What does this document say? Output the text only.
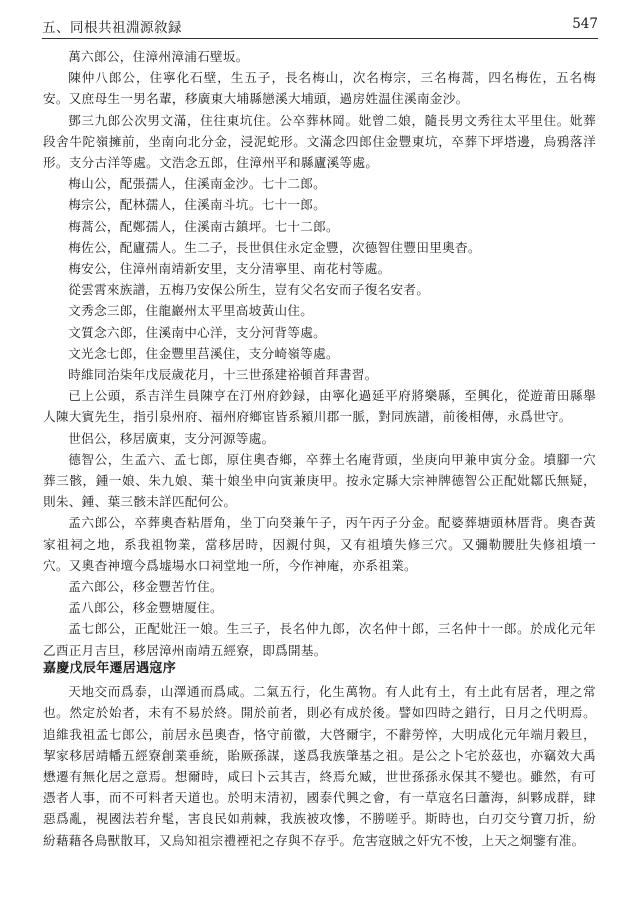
五、同根共祖淵源敘録	547

萬六郎公，住漳州漳浦石壁坂。

陳仲八郎公，住寧化石壁，生五子，長名梅山，次名梅宗，三名梅蒿，四名梅佐，五名梅安。又庶母生一男名輩，移廣東大埔縣戀溪大埔頭，過房姓温住溪南金沙。

鄧三九郎公次男文滿，住往東坑住。公卒葬林岡。妣曾二娘，隨長男文秀往太平里住。妣葬段舍牛陀嶺擁前，坐南向北分金，浸泥蛇形。文滿念四郎住金豐東坑，卒葬下坪塔邊，烏鴉落洋形。支分古洋等處。文浩念五郎，住漳州平和縣廬溪等處。

梅山公，配張孺人，住溪南金沙。七十二郎。

梅宗公，配林孺人，住溪南斗坑。七十一郎。

梅蒿公，配鄭孺人，住溪南古鎮坪。七十二郎。

梅佐公，配廬孺人。生二子，長世俱住永定金豐，次德智住豐田里奧杳。

梅安公，住漳州南靖新安里，支分清寧里、南花村等處。

從雲霄來族譜，五梅乃安保公所生，豈有父名安而子復名安者。

文秀念三郎，住龍巖州太平里高坡黃山住。

文質念六郎，住溪南中心洋，支分河背等處。

文光念七郎，住金豐里莒溪住，支分崎嶺等處。

時維同治柒年戊辰歲花月，十三世孫建裕頓首拜書習。

已上公頭，系吉洋生員陳亨在汀州府鈔録，由寧化過延平府將樂縣，至興化，從遊莆田縣舉人陳大賓先生，指引泉州府、福州府鄉宦皆系潁川郡一脈，對同族譜，前後相傳，永爲世守。

世侶公，移居廣東，支分河源等處。

德智公，生孟六、孟七郎，原住奧杳鄉，卒葬土名庵背頭，坐庚向甲兼申寅分金。墳腳一穴葬三骸，鍾一娘、朱九娘、葉十娘坐申向寅兼庚甲。按永定縣大宗神牌德智公正配妣鄒氏無疑，則朱、鍾、葉三骸未詳匹配何公。

孟六郎公，卒葬奧杳粘厝角，坐丁向癸兼午子，丙午丙子分金。配婆葬塘頭林厝背。奧杳黃家祖祠之地，系我祖物業，當移居時，因親付與，又有祖墳失修三穴。又彌勒腰肚失修祖墳一穴。又奧杳神壇今爲墟場水口祠堂地一所，今作神庵，亦系祖業。

孟六郎公，移金豐苦竹住。

孟八郎公，移金豐塘厦住。

孟七郎公，正配妣汪一娘。生三子，長名仲九郎，次名仲十郎，三名仲十一郎。於成化元年乙酉正月吉旦，移居漳州南靖五經寮，即爲開基。

嘉慶戊辰年遷居遇寇序

天地交而爲泰，山澤通而爲咸。二氣五行，化生萬物。有人此有土，有土此有居者，理之常也。然定於始者，未有不易於終。開於前者，則必有成於後。譬如四時之錯行，日月之代明焉。追維我祖孟七郎公，前居永邑奧杳，恪守前徽，大啓爾宇，不辭勞悴，大明成化元年端月穀旦，挈家移居靖幡五經寮創業垂統，貽厥孫謀，遂爲我族肇基之祖。是公之卜宅於茲也，亦竊效大禹懋遷有無化居之意焉。想爾時，咸曰卜云其吉，終焉允臧，世世孫孫永保其不變也。雖然，有可憑者人事，而不可料者天道也。於明末清初，國泰代興之會，有一草寇名曰蕭海，糾夥成群，肆惡爲亂，視國法若弁髦，害良民如荊棘，我族被攻慘，不勝嗟乎。斯時也，白刃交兮寶刀折，紛紛藉藉各鳥獸散耳，又烏知祖宗禮禋祀之存與不存乎。危害寇賊之奸宄不悛，上天之炯鑒有准。
